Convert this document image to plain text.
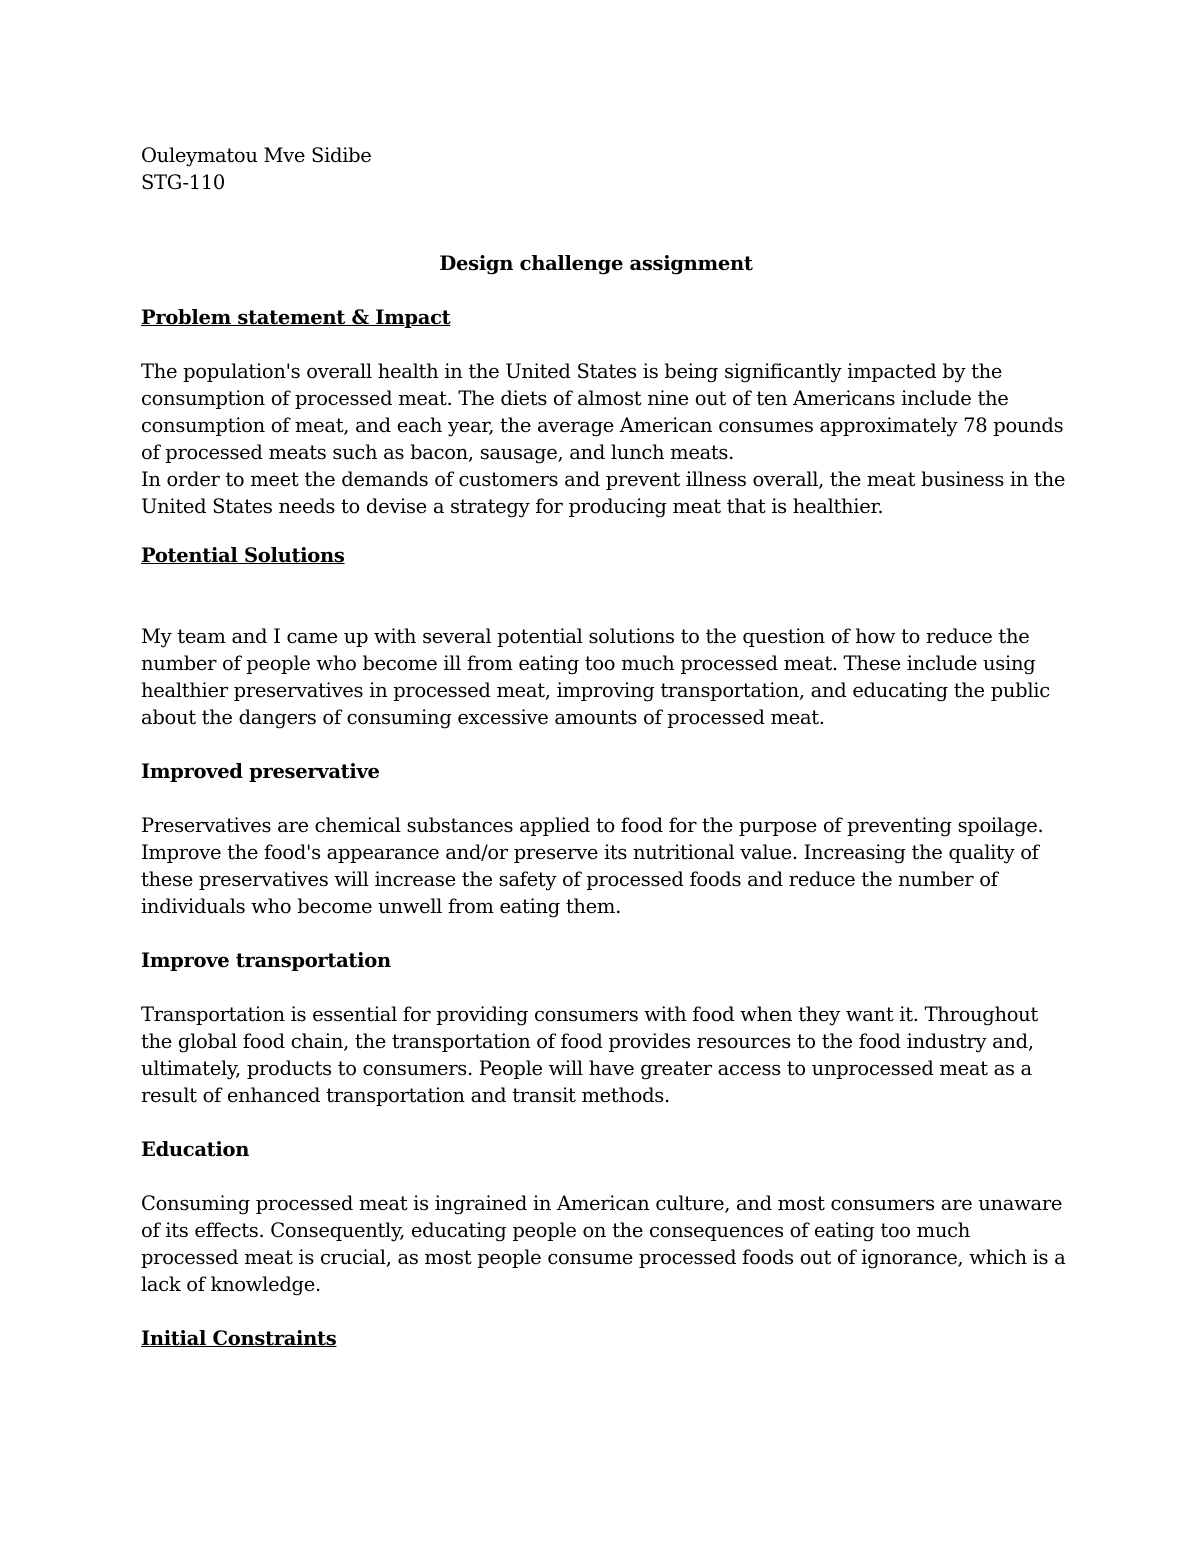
Ouleymatou Mve Sidibe

STG-110

Design challenge assignment

Problem statement & Impact

The population's overall health in the United States is being significantly impacted by the consumption of processed meat. The diets of almost nine out of ten Americans include the consumption of meat, and each year, the average American consumes approximately 78 pounds of processed meats such as bacon, sausage, and lunch meats.

In order to meet the demands of customers and prevent illness overall, the meat business in the United States needs to devise a strategy for producing meat that is healthier.

Potential Solutions

My team and I came up with several potential solutions to the question of how to reduce the number of people who become ill from eating too much processed meat. These include using healthier preservatives in processed meat, improving transportation, and educating the public about the dangers of consuming excessive amounts of processed meat.

Improved preservative

Preservatives are chemical substances applied to food for the purpose of preventing spoilage. Improve the food's appearance and/or preserve its nutritional value. Increasing the quality of these preservatives will increase the safety of processed foods and reduce the number of individuals who become unwell from eating them.

Improve transportation

Transportation is essential for providing consumers with food when they want it. Throughout the global food chain, the transportation of food provides resources to the food industry and, ultimately, products to consumers. People will have greater access to unprocessed meat as a result of enhanced transportation and transit methods.

Education

Consuming processed meat is ingrained in American culture, and most consumers are unaware of its effects. Consequently, educating people on the consequences of eating too much processed meat is crucial, as most people consume processed foods out of ignorance, which is a lack of knowledge.

Initial Constraints
